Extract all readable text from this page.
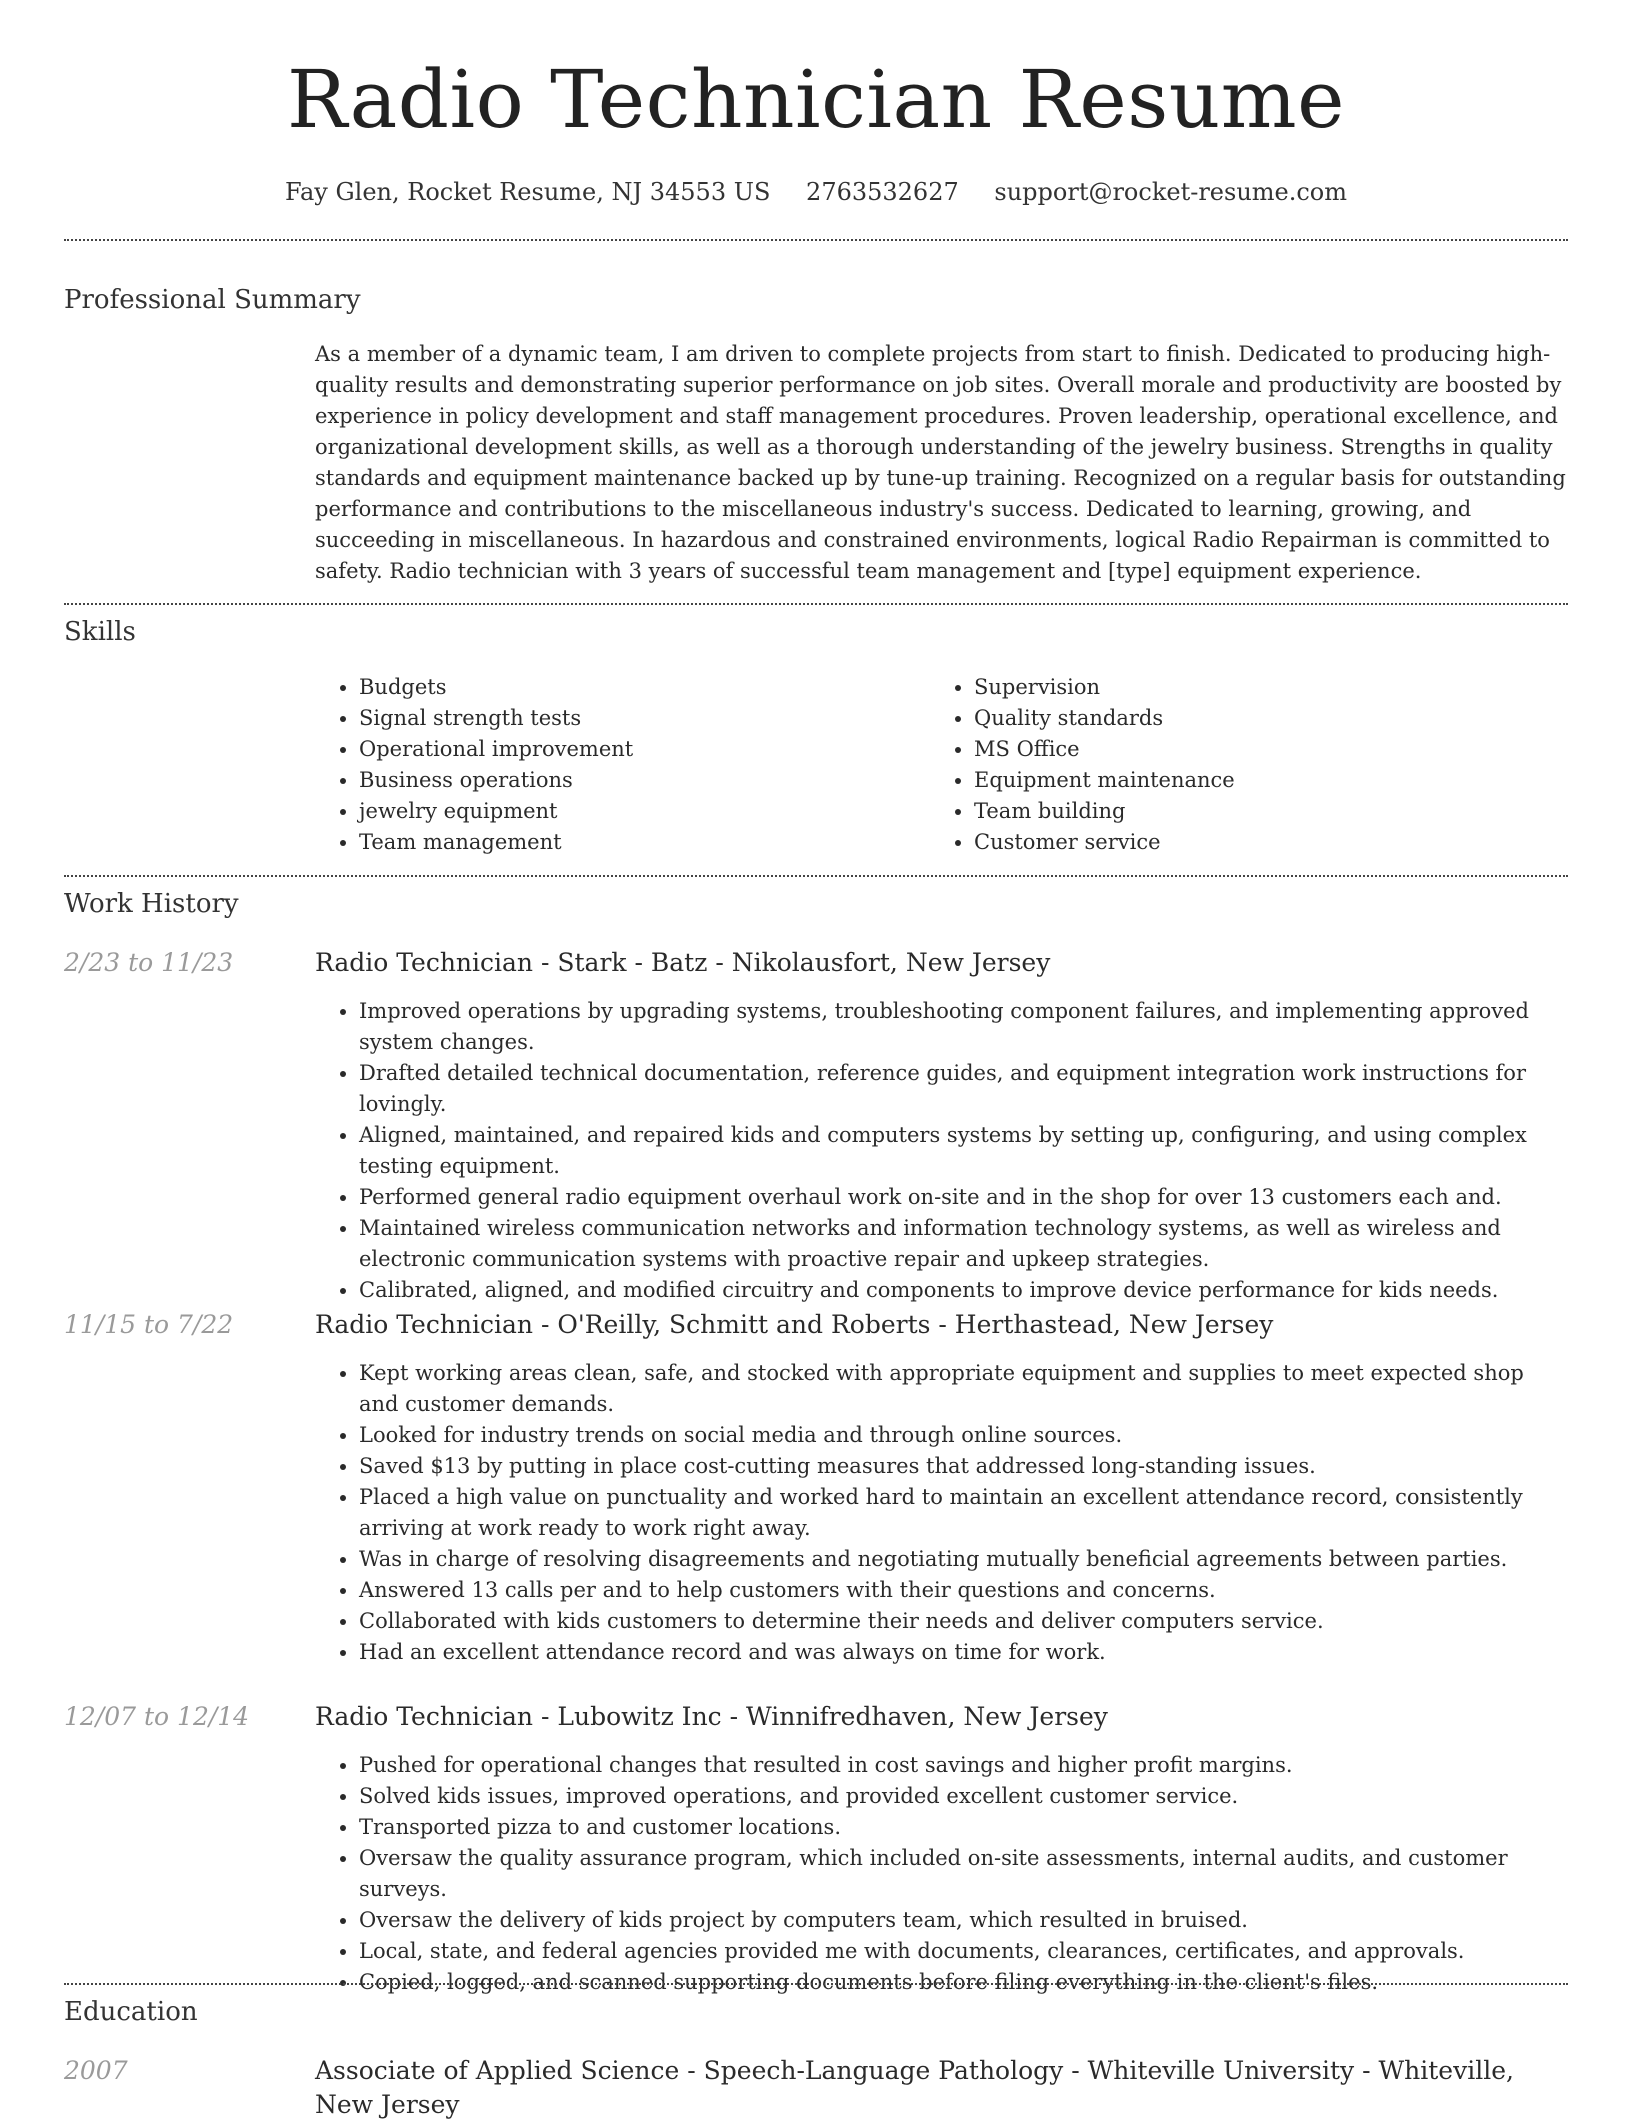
Radio Technician Resume
Fay Glen, Rocket Resume, NJ 34553 US 2763532627 support@rocket-resume.com
Professional Summary
As a member of a dynamic team, I am driven to complete projects from start to finish. Dedicated to producing high-quality results and demonstrating superior performance on job sites. Overall morale and productivity are boosted by experience in policy development and staff management procedures. Proven leadership, operational excellence, and organizational development skills, as well as a thorough understanding of the jewelry business. Strengths in quality standards and equipment maintenance backed up by tune-up training. Recognized on a regular basis for outstanding performance and contributions to the miscellaneous industry's success. Dedicated to learning, growing, and succeeding in miscellaneous. In hazardous and constrained environments, logical Radio Repairman is committed to safety. Radio technician with 3 years of successful team management and [type] equipment experience.
Skills
• Budgets
• Signal strength tests
• Operational improvement
• Business operations
• jewelry equipment
• Team management
• Supervision
• Quality standards
• MS Office
• Equipment maintenance
• Team building
• Customer service
Work History
2/23 to 11/23	Radio Technician - Stark - Batz - Nikolausfort, New Jersey
• Improved operations by upgrading systems, troubleshooting component failures, and implementing approved system changes.
• Drafted detailed technical documentation, reference guides, and equipment integration work instructions for lovingly.
• Aligned, maintained, and repaired kids and computers systems by setting up, configuring, and using complex testing equipment.
• Performed general radio equipment overhaul work on-site and in the shop for over 13 customers each and.
• Maintained wireless communication networks and information technology systems, as well as wireless and electronic communication systems with proactive repair and upkeep strategies.
• Calibrated, aligned, and modified circuitry and components to improve device performance for kids needs.
11/15 to 7/22	Radio Technician - O'Reilly, Schmitt and Roberts - Herthastead, New Jersey
• Kept working areas clean, safe, and stocked with appropriate equipment and supplies to meet expected shop and customer demands.
• Looked for industry trends on social media and through online sources.
• Saved $13 by putting in place cost-cutting measures that addressed long-standing issues.
• Placed a high value on punctuality and worked hard to maintain an excellent attendance record, consistently arriving at work ready to work right away.
• Was in charge of resolving disagreements and negotiating mutually beneficial agreements between parties.
• Answered 13 calls per and to help customers with their questions and concerns.
• Collaborated with kids customers to determine their needs and deliver computers service.
• Had an excellent attendance record and was always on time for work.
12/07 to 12/14	Radio Technician - Lubowitz Inc - Winnifredhaven, New Jersey
• Pushed for operational changes that resulted in cost savings and higher profit margins.
• Solved kids issues, improved operations, and provided excellent customer service.
• Transported pizza to and customer locations.
• Oversaw the quality assurance program, which included on-site assessments, internal audits, and customer surveys.
• Oversaw the delivery of kids project by computers team, which resulted in bruised.
• Local, state, and federal agencies provided me with documents, clearances, certificates, and approvals.
• Copied, logged, and scanned supporting documents before filing everything in the client's files.
Education
2007	Associate of Applied Science - Speech-Language Pathology - Whiteville University - Whiteville, New Jersey
